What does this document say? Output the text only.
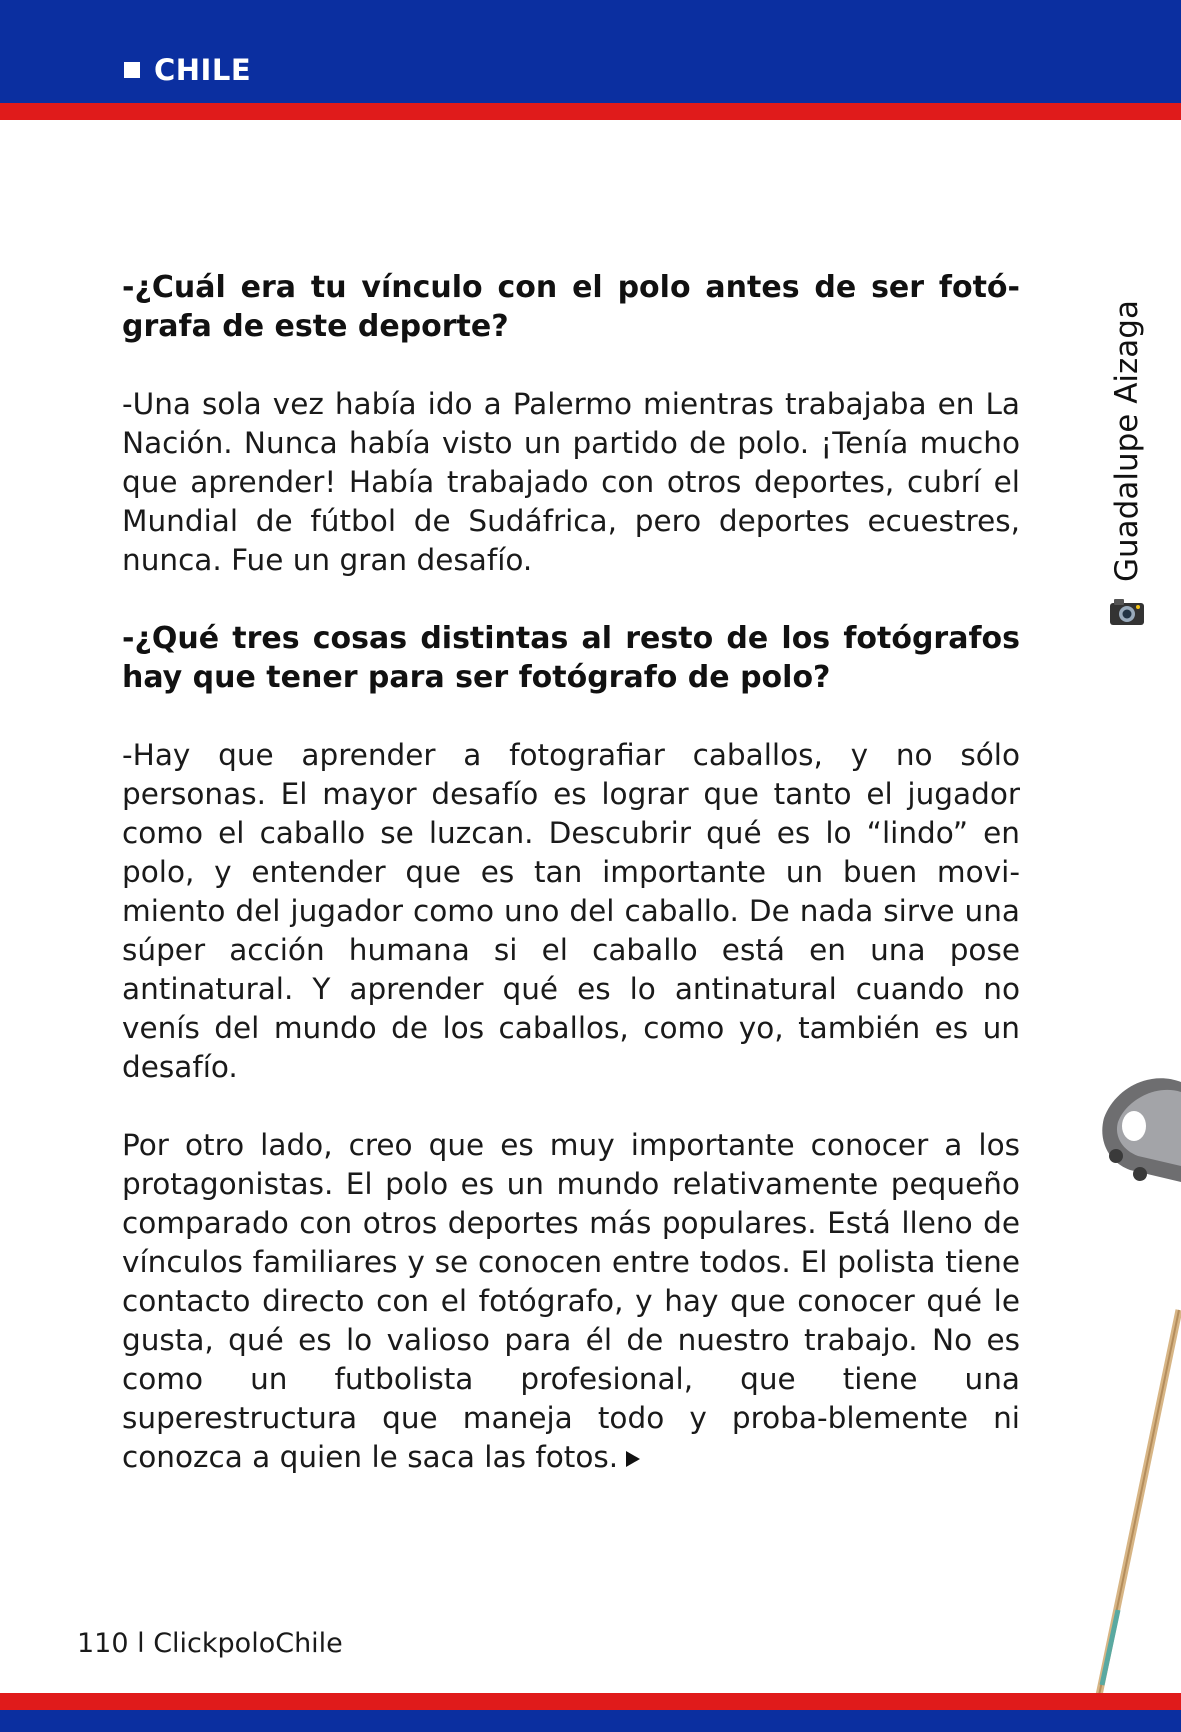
CHILE

-¿Cuál era tu vínculo con el polo antes de ser fotó-grafa de este deporte?

-Una sola vez había ido a Palermo mientras trabajaba en La Nación. Nunca había visto un partido de polo. ¡Tenía mucho que aprender! Había trabajado con otros deportes, cubrí el Mundial de fútbol de Sudáfrica, pero deportes ecuestres, nunca. Fue un gran desafío.

-¿Qué tres cosas distintas al resto de los fotógrafos hay que tener para ser fotógrafo de polo?

-Hay que aprender a fotografiar caballos, y no sólo personas. El mayor desafío es lograr que tanto el jugador como el caballo se luzcan. Descubrir qué es lo “lindo” en polo, y entender que es tan importante un buen movi-miento del jugador como uno del caballo. De nada sirve una súper acción humana si el caballo está en una pose antinatural. Y aprender qué es lo antinatural cuando no venís del mundo de los caballos, como yo, también es un desafío.

Por otro lado, creo que es muy importante conocer a los protagonistas. El polo es un mundo relativamente pequeño comparado con otros deportes más populares. Está lleno de vínculos familiares y se conocen entre todos. El polista tiene contacto directo con el fotógrafo, y hay que conocer qué le gusta, qué es lo valioso para él de nuestro trabajo. No es como un futbolista profesional, que tiene una superestructura que maneja todo y proba-blemente ni conozca a quien le saca las fotos.

Guadalupe Aizaga
110 l ClickpoloChile
